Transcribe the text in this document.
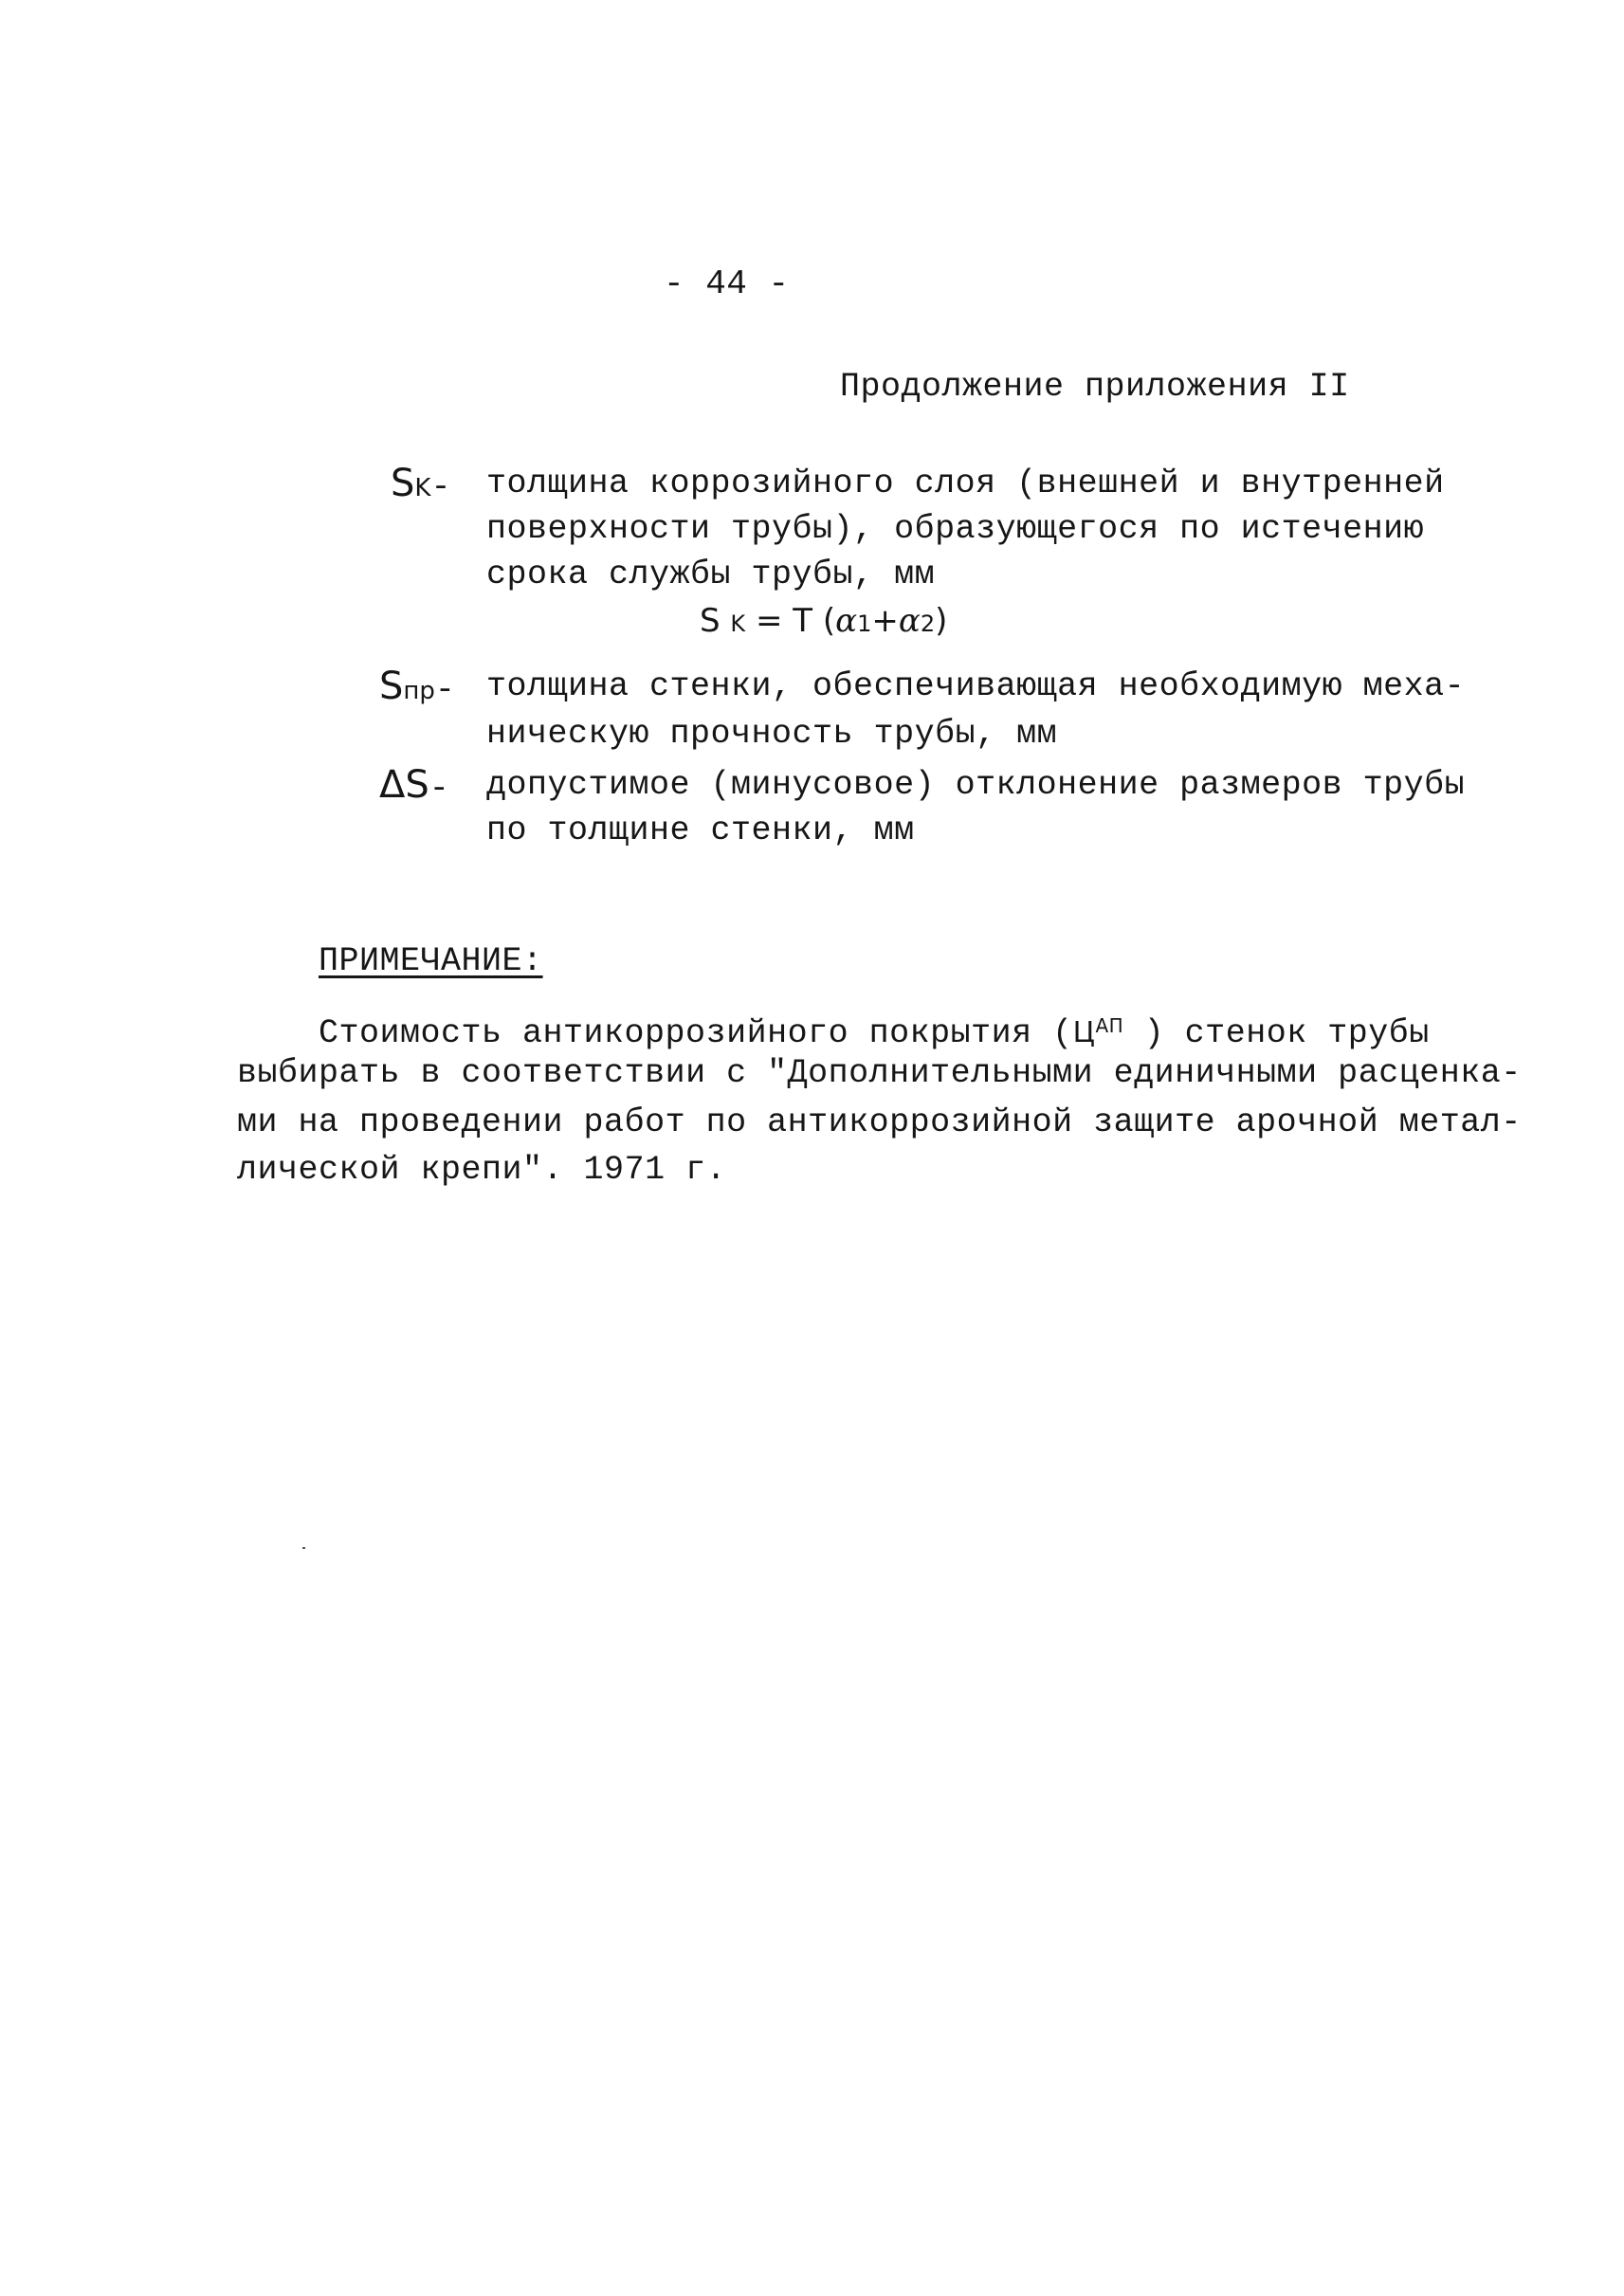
- 44 -
Продолжение приложения II
SK- толщина коррозийного слоя (внешней и внутренней
поверхности трубы), образующегося по истечению
срока службы трубы, мм
S K = T (α1+α2)
Sпр- толщина стенки, обеспечивающая необходимую меха-
ническую прочность трубы, мм
ΔS- допустимое (минусовое) отклонение размеров трубы
по толщине стенки, мм
ПРИМЕЧАНИЕ:
Стоимость антикоррозийного покрытия ($Ц^{АП}$ ) стенок трубы
выбирать в соответствии с "Дополнительными единичными расценка-
ми на проведении работ по антикоррозийной защите арочной метал-
лической крепи". 1971 г.
